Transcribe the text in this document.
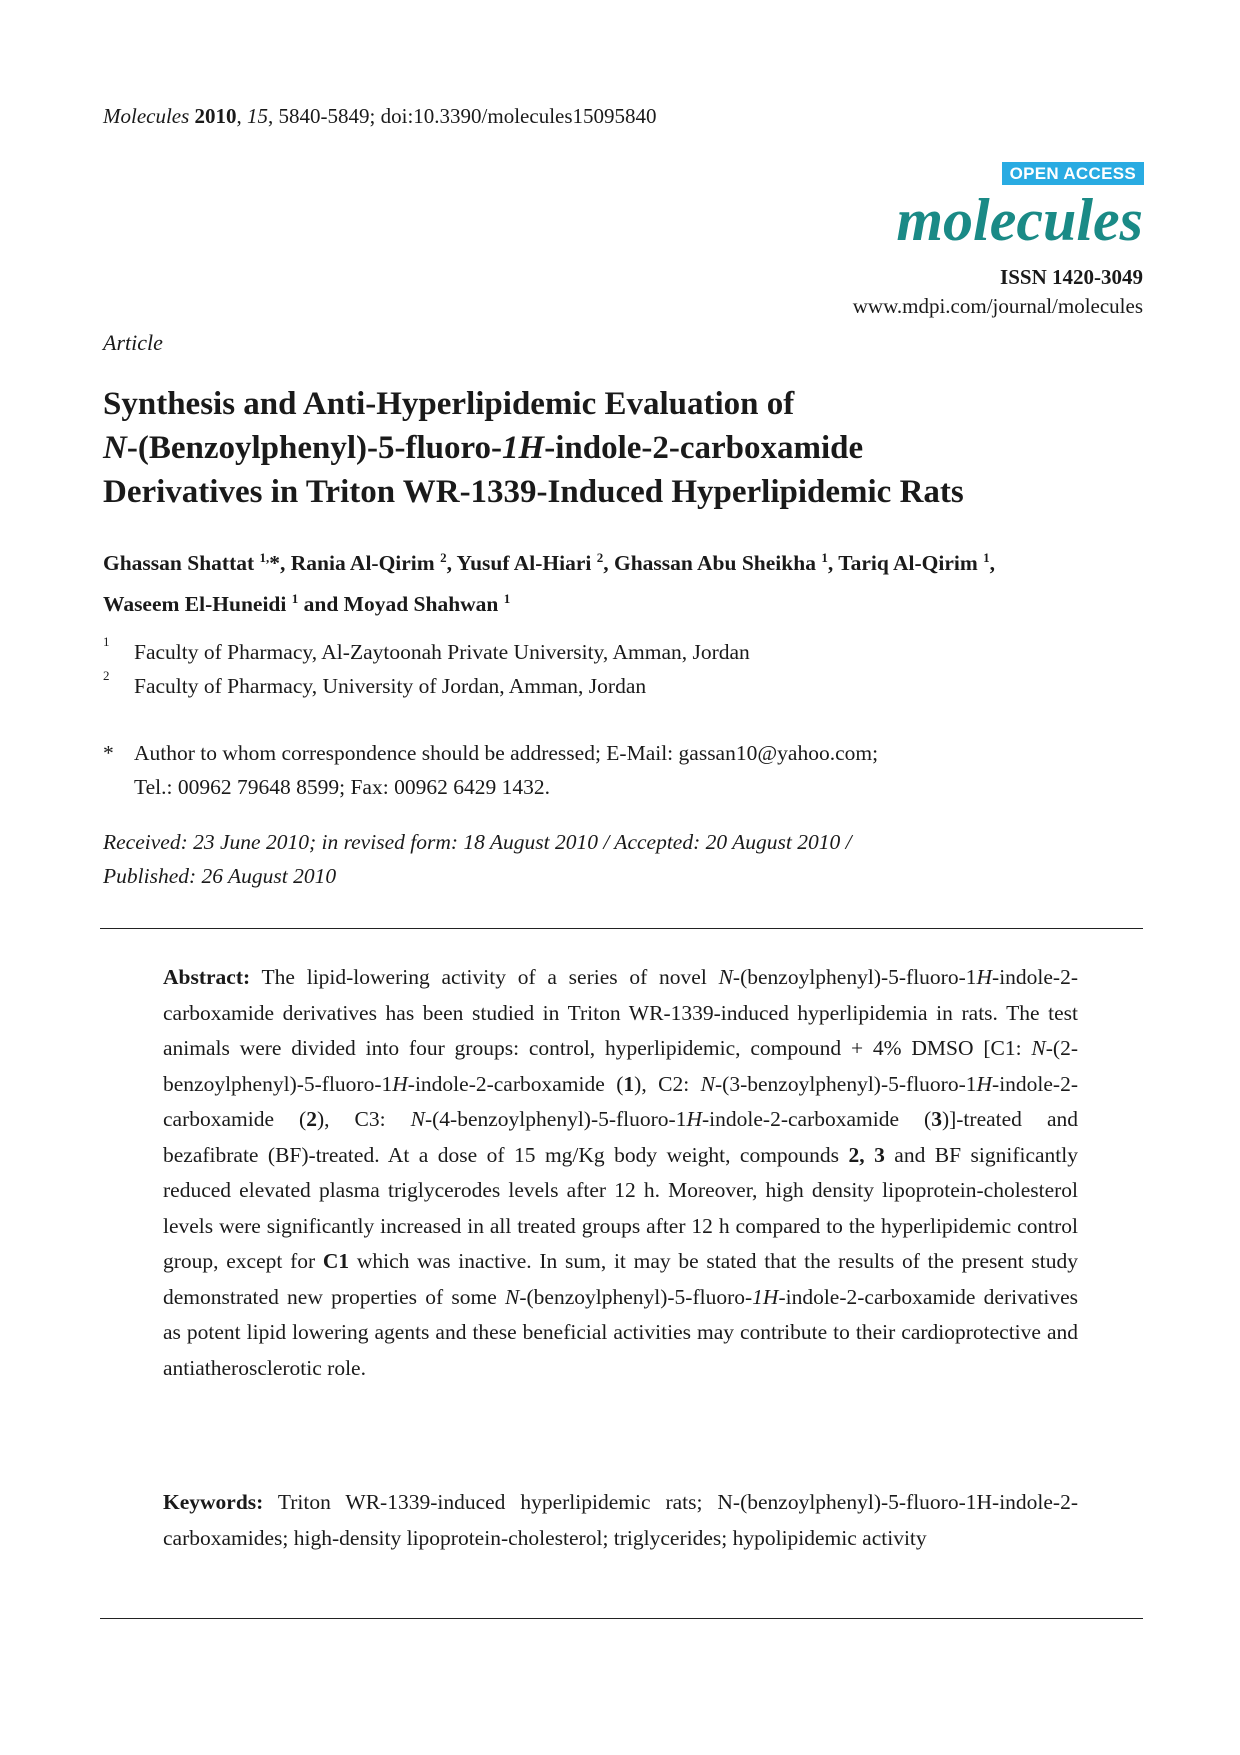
Molecules 2010, 15, 5840-5849; doi:10.3390/molecules15095840
OPEN ACCESS
molecules
ISSN 1420-3049
www.mdpi.com/journal/molecules
Article
Synthesis and Anti-Hyperlipidemic Evaluation of
N-(Benzoylphenyl)-5-fluoro-1H-indole-2-carboxamide
Derivatives in Triton WR-1339-Induced Hyperlipidemic Rats
Ghassan Shattat $^{1,}$*, Rania Al-Qirim $^2$, Yusuf Al-Hiari $^2$, Ghassan Abu Sheikha $^1$, Tariq Al-Qirim $^1$,
Waseem El-Huneidi $^1$ and Moyad Shahwan $^1$
1 Faculty of Pharmacy, Al-Zaytoonah Private University, Amman, Jordan
2 Faculty of Pharmacy, University of Jordan, Amman, Jordan
* Author to whom correspondence should be addressed; E-Mail: gassan10@yahoo.com;
Tel.: 00962 79648 8599; Fax: 00962 6429 1432.
Received: 23 June 2010; in revised form: 18 August 2010 / Accepted: 20 August 2010 /
Published: 26 August 2010
Abstract: The lipid-lowering activity of a series of novel N-(benzoylphenyl)-5-fluoro-1H-indole-2-carboxamide derivatives has been studied in Triton WR-1339-induced hyperlipidemia in rats. The test animals were divided into four groups: control, hyperlipidemic, compound + 4% DMSO [C1: N-(2-benzoylphenyl)-5-fluoro-1H-indole-2-carboxamide (1), C2: N-(3-benzoylphenyl)-5-fluoro-1H-indole-2-carboxamide (2), C3: N-(4-benzoylphenyl)-5-fluoro-1H-indole-2-carboxamide (3)]-treated and bezafibrate (BF)-treated. At a dose of 15 mg/Kg body weight, compounds 2, 3 and BF significantly reduced elevated plasma triglycerodes levels after 12 h. Moreover, high density lipoprotein-cholesterol levels were significantly increased in all treated groups after 12 h compared to the hyperlipidemic control group, except for C1 which was inactive. In sum, it may be stated that the results of the present study demonstrated new properties of some N-(benzoylphenyl)-5-fluoro-1H-indole-2-carboxamide derivatives as potent lipid lowering agents and these beneficial activities may contribute to their cardioprotective and antiatherosclerotic role.
Keywords: Triton WR-1339-induced hyperlipidemic rats; N-(benzoylphenyl)-5-fluoro-1H-indole-2-carboxamides; high-density lipoprotein-cholesterol; triglycerides; hypolipidemic activity
